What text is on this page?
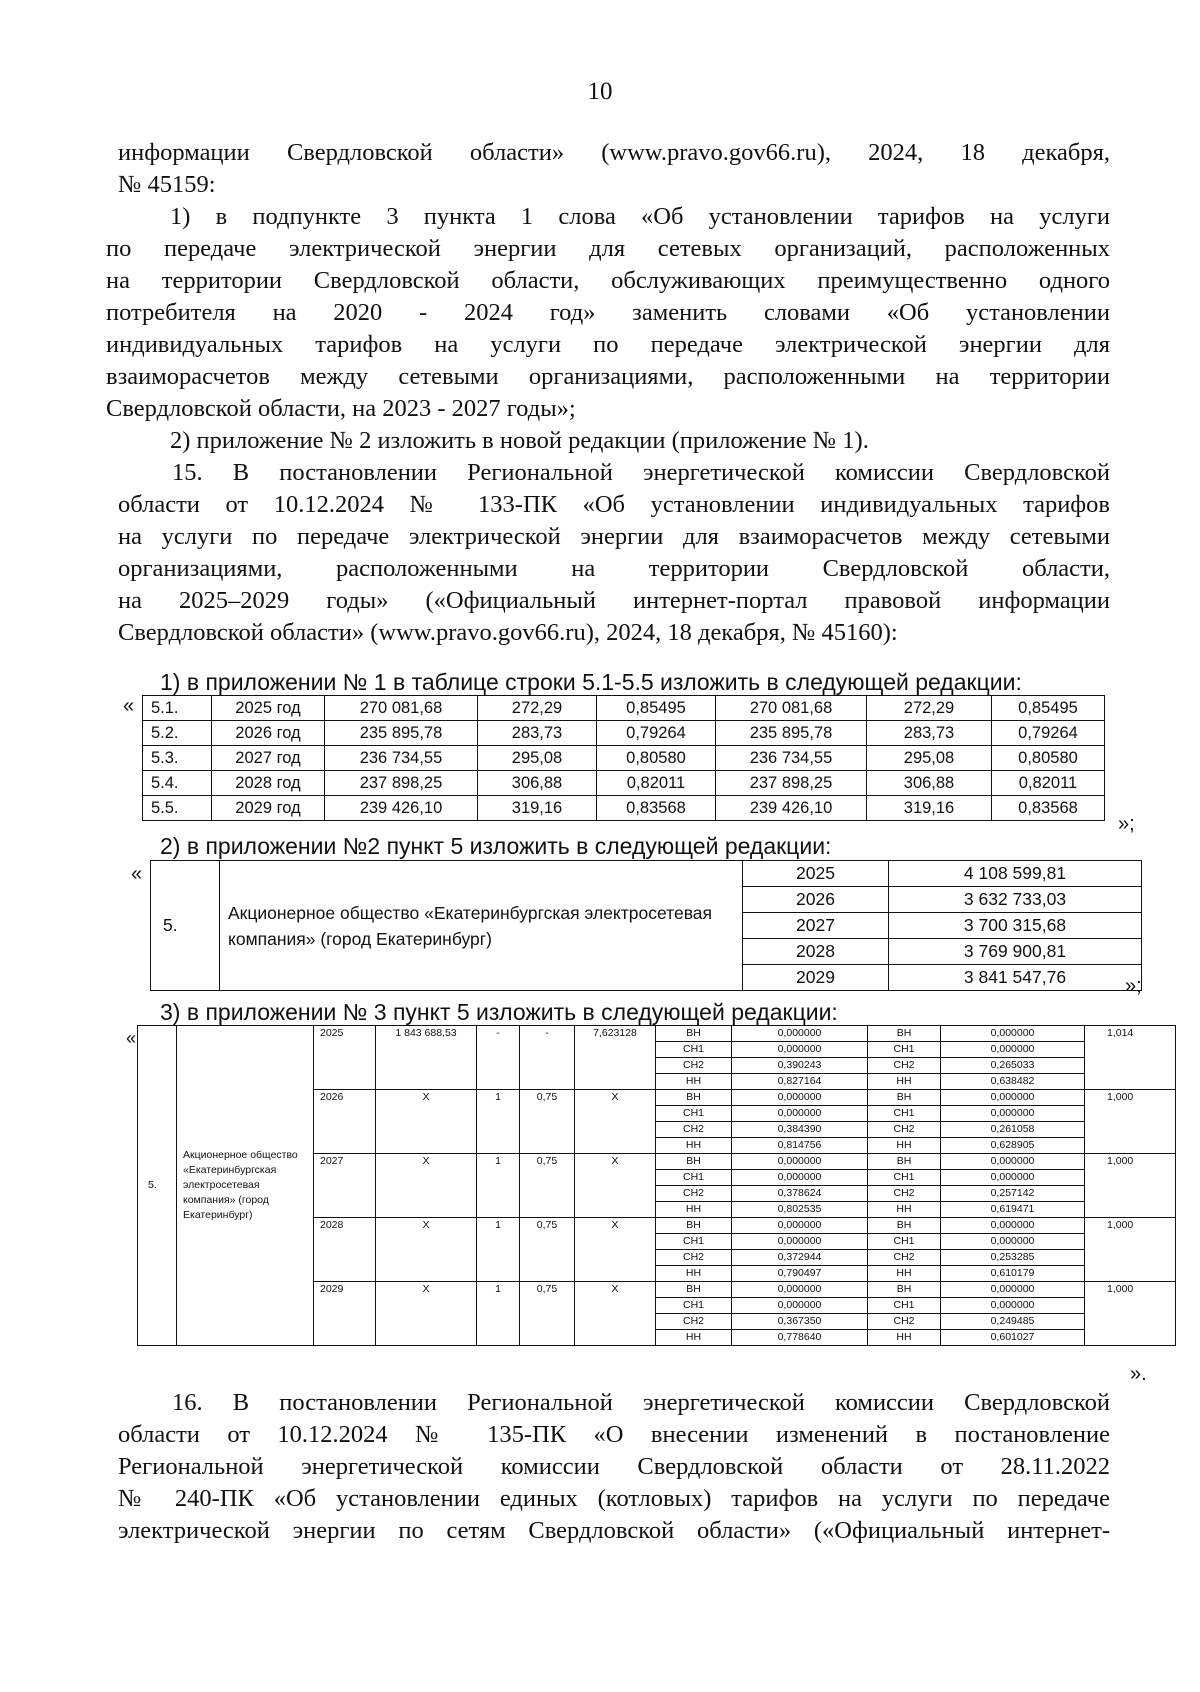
10
информации Свердловской области» (www.pravo.gov66.ru), 2024, 18 декабря,
№ 45159:
1) в подпункте 3 пункта 1 слова «Об установлении тарифов на услуги
по передаче электрической энергии для сетевых организаций, расположенных
на территории Свердловской области, обслуживающих преимущественно одного
потребителя на 2020 - 2024 год» заменить словами «Об установлении
индивидуальных тарифов на услуги по передаче электрической энергии для
взаиморасчетов между сетевыми организациями, расположенными на территории
Свердловской области, на 2023 - 2027 годы»;
2) приложение № 2 изложить в новой редакции (приложение № 1).
15. В постановлении Региональной энергетической комиссии Свердловской
области от 10.12.2024 № 133-ПК «Об установлении индивидуальных тарифов
на услуги по передаче электрической энергии для взаиморасчетов между сетевыми
организациями, расположенными на территории Свердловской области,
на 2025–2029 годы» («Официальный интернет-портал правовой информации
Свердловской области» (www.pravo.gov66.ru), 2024, 18 декабря, № 45160):
1) в приложении № 1 в таблице строки 5.1-5.5 изложить в следующей редакции:
« 5.1.	2025 год	270 081,68	272,29	0,85495	270 081,68	272,29	0,85495
5.2.	2026 год	235 895,78	283,73	0,79264	235 895,78	283,73	0,79264
5.3.	2027 год	236 734,55	295,08	0,80580	236 734,55	295,08	0,80580
5.4.	2028 год	237 898,25	306,88	0,82011	237 898,25	306,88	0,82011
5.5.	2029 год	239 426,10	319,16	0,83568	239 426,10	319,16	0,83568
»;
2) в приложении №2 пункт 5 изложить в следующей редакции:
«
5.	Акционерное общество «Екатеринбургская электросетевая компания» (город Екатеринбург)	2025	4 108 599,81
		2026	3 632 733,03
		2027	3 700 315,68
		2028	3 769 900,81
		2029	3 841 547,76	»;
3) в приложении № 3 пункт 5 изложить в следующей редакции:
«
5.	Акционерное общество «Екатеринбургская электросетевая компания» (город Екатеринбург)	2025	1 843 688,53	-	-	7,623128	ВН	0,000000	ВН	0,000000	1,014
							СН1	0,000000	СН1	0,000000	
							СН2	0,390243	СН2	0,265033	
							НН	0,827164	НН	0,638482	
		2026	Х	1	0,75	Х	ВН	0,000000	ВН	0,000000	1,000
							СН1	0,000000	СН1	0,000000	
							СН2	0,384390	СН2	0,261058	
							НН	0,814756	НН	0,628905	
		2027	Х	1	0,75	Х	ВН	0,000000	ВН	0,000000	1,000
							СН1	0,000000	СН1	0,000000	
							СН2	0,378624	СН2	0,257142	
							НН	0,802535	НН	0,619471	
		2028	Х	1	0,75	Х	ВН	0,000000	ВН	0,000000	1,000
							СН1	0,000000	СН1	0,000000	
							СН2	0,372944	СН2	0,253285	
							НН	0,790497	НН	0,610179	
		2029	Х	1	0,75	Х	ВН	0,000000	ВН	0,000000	1,000
							СН1	0,000000	СН1	0,000000	
							СН2	0,367350	СН2	0,249485	
							НН	0,778640	НН	0,601027	
».
16. В постановлении Региональной энергетической комиссии Свердловской
области от 10.12.2024 № 135-ПК «О внесении изменений в постановление
Региональной энергетической комиссии Свердловской области от 28.11.2022
№ 240-ПК «Об установлении единых (котловых) тарифов на услуги по передаче
электрической энергии по сетям Свердловской области» («Официальный интернет-
